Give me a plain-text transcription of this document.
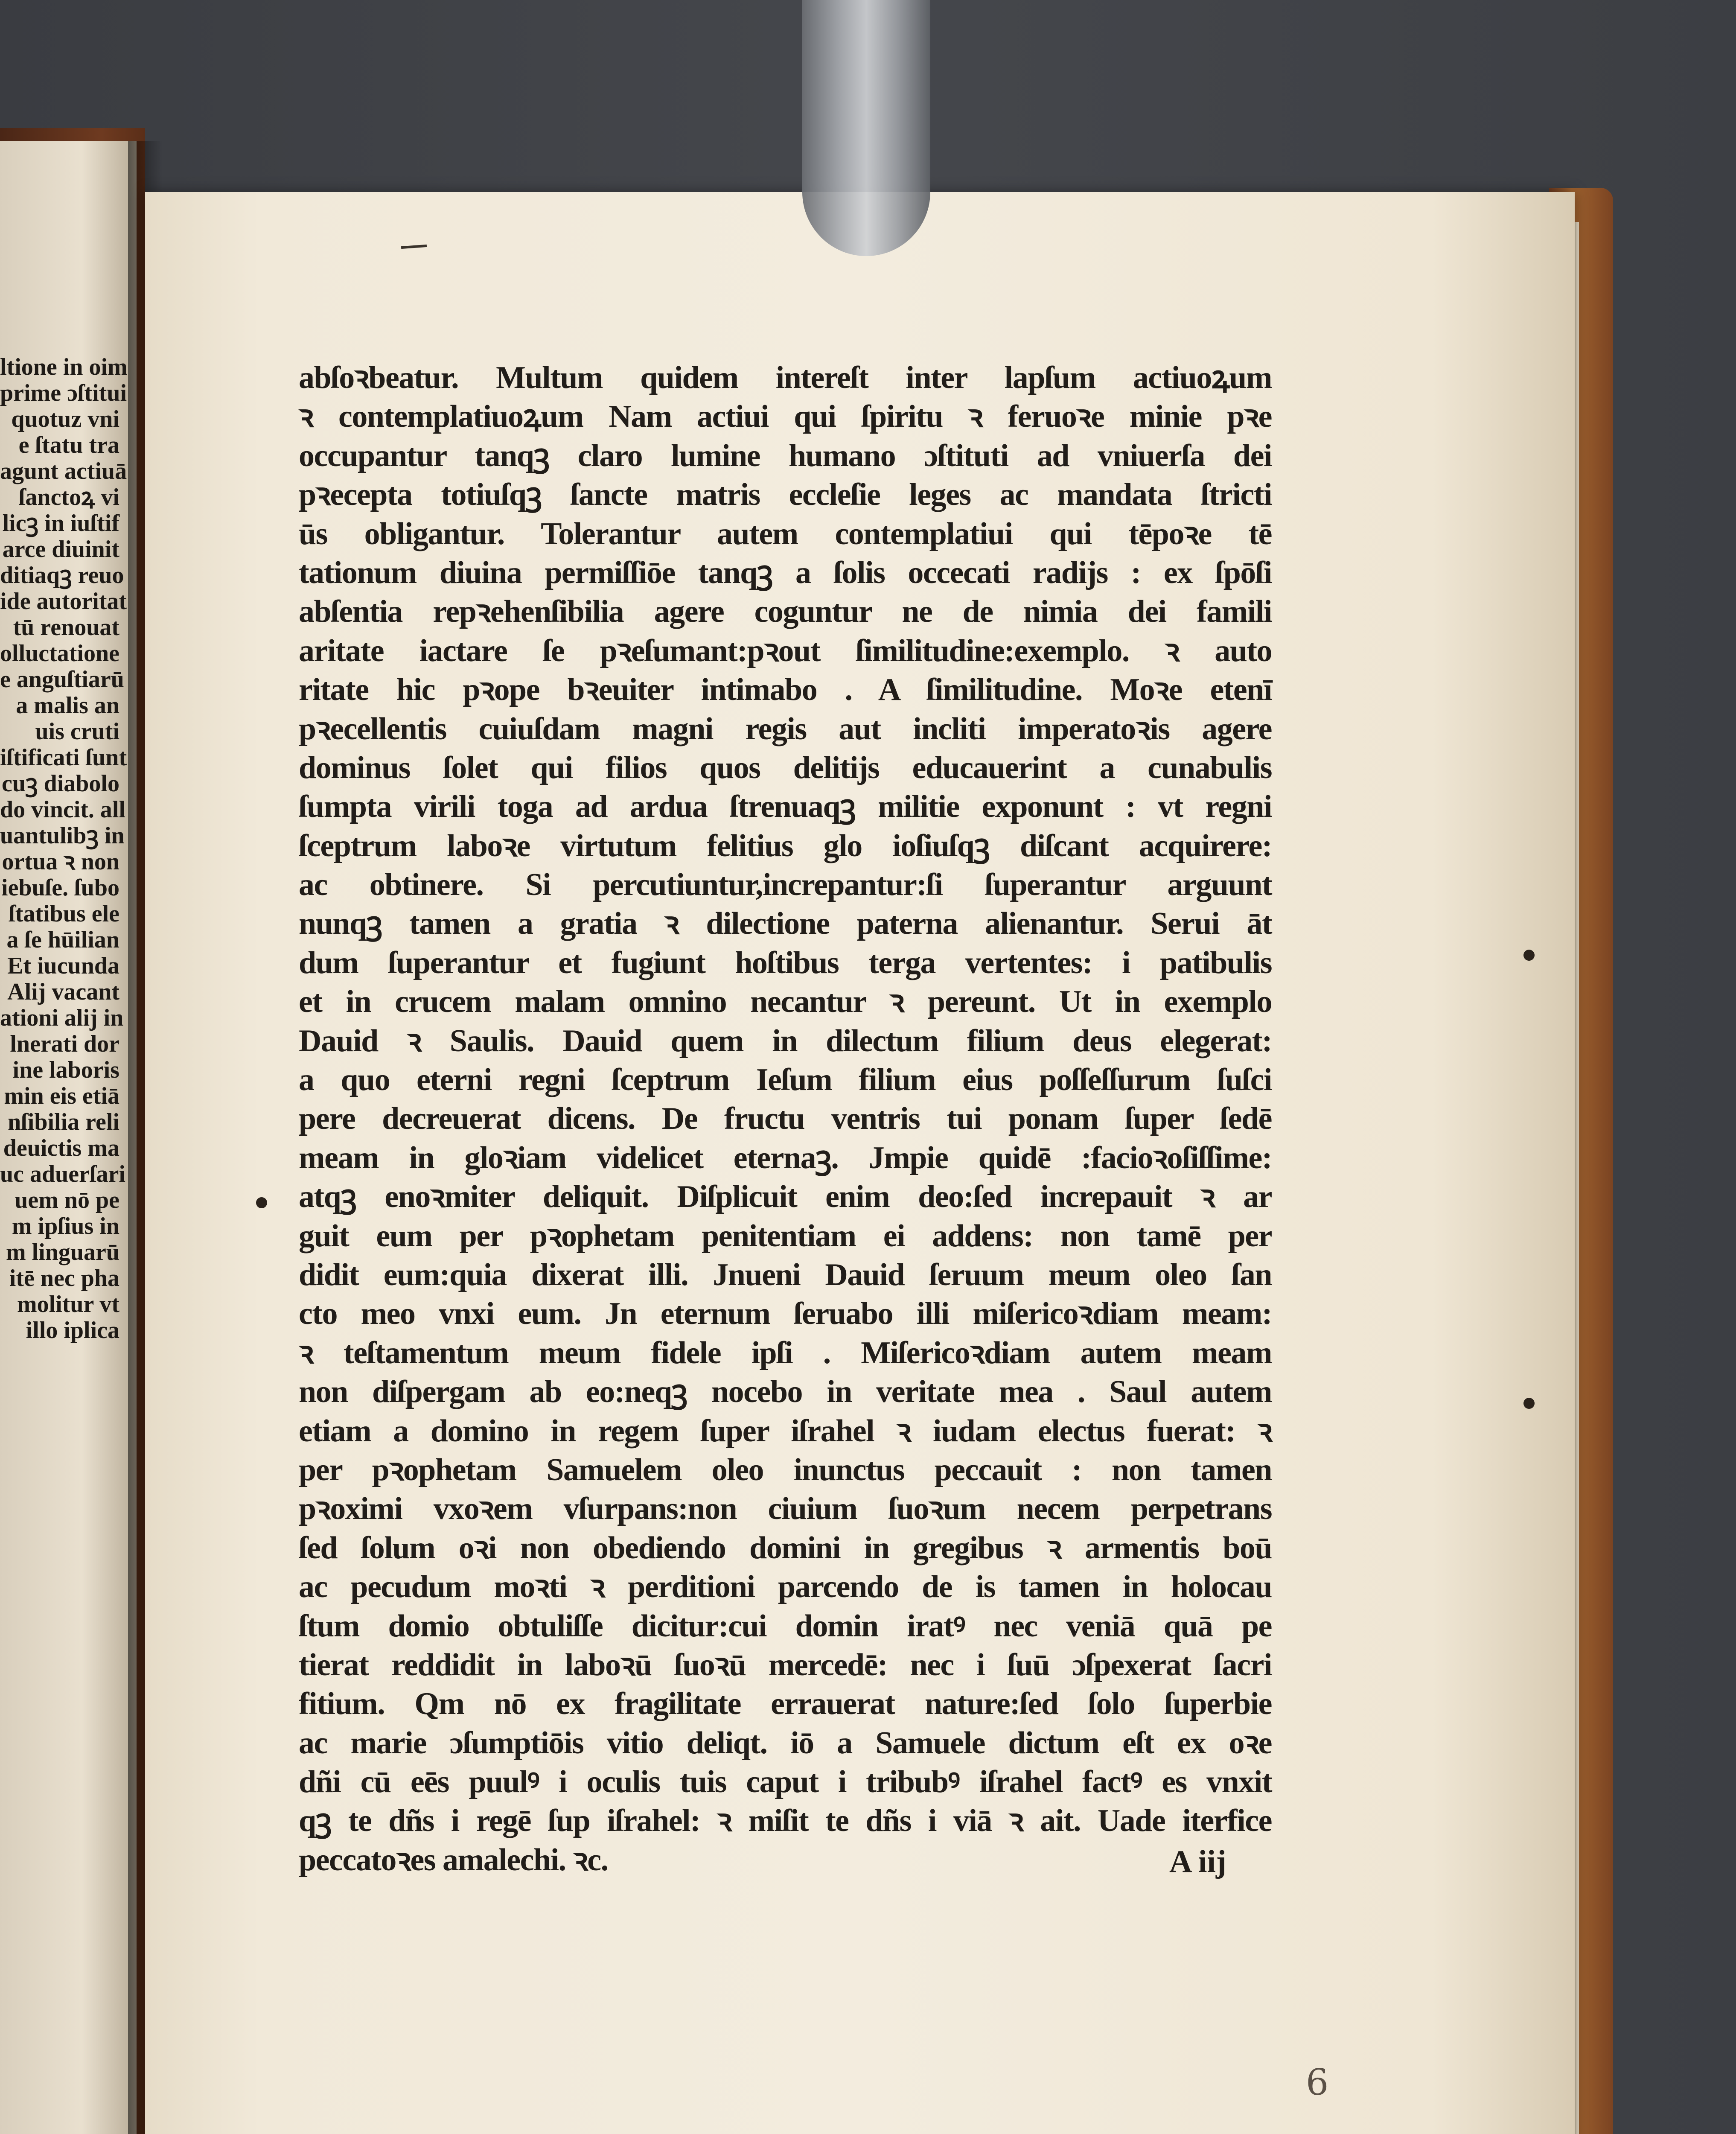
ltione in oim
prime ɔſtitui
quotuz vni
e ſtatu tra
agunt actiuā
ſanctoꝝ vi
licꝫ in iuſtif
arce diuinit
ditiaqꝫ reuo
ide autoritat
tū renouat
olluctatione
e anguſtiarū
a malis an
uis cruti
iſtificati ſunt
cuꝫ diabolo
do vincit. all
uantulibꝫ in
ortua ꝛ non
iebuſe. ſubo
ſtatibus ele
a ſe hūilian
Et iucunda
Alij vacant
ationi alij in
lnerati dor
ine laboris
min eis etiā
nſibilia reli
deuictis ma
uc aduerſari
uem nō pe
m ipſius in
m linguarū
itē nec pha
molitur vt
illo iplica
abſoꝛbeatur. Multum quidem intereſt inter lapſum actiuoꝝum
ꝛ contemplatiuoꝝum Nam actiui qui ſpiritu ꝛ feruoꝛe minie pꝛe
occupantur tanqꝫ claro lumine humano ɔſtituti ad vniuerſa dei
pꝛecepta totiuſqꝫ ſancte matris eccleſie leges ac mandata ſtricti
ūs obligantur. Tolerantur autem contemplatiui qui tēpoꝛe tē
tationum diuina permiſſiōe tanqꝫ a ſolis occecati radijs : ex ſpōſi
abſentia repꝛehenſibilia agere coguntur ne de nimia dei famili
aritate iactare ſe pꝛeſumant:pꝛout ſimilitudine:exemplo. ꝛ auto
ritate hic pꝛope bꝛeuiter intimabo . A ſimilitudine. Moꝛe etenī
pꝛecellentis cuiuſdam magni regis aut incliti imperatoꝛis agere
dominus ſolet qui filios quos delitijs educauerint a cunabulis
ſumpta virili toga ad ardua ſtrenuaqꝫ militie exponunt : vt regni
ſceptrum laboꝛe virtutum felitius glo ioſiuſqꝫ diſcant acquirere:
ac obtinere. Si percutiuntur,increpantur:ſi ſuperantur arguunt
nunqꝫ tamen a gratia ꝛ dilectione paterna alienantur. Serui āt
dum ſuperantur et fugiunt hoſtibus terga vertentes: i patibulis
et in crucem malam omnino necantur ꝛ pereunt. Ut in exemplo
Dauid ꝛ Saulis. Dauid quem in dilectum filium deus elegerat:
a quo eterni regni ſceptrum Ieſum filium eius poſſeſſurum ſuſci
pere decreuerat dicens. De fructu ventris tui ponam ſuper ſedē
meam in gloꝛiam videlicet eternaꝫ. Jmpie quidē :facioꝛoſiſſime:
atqꝫ enoꝛmiter deliquit. Diſplicuit enim deo:ſed increpauit ꝛ ar
guit eum per pꝛophetam penitentiam ei addens: non tamē per
didit eum:quia dixerat illi. Jnueni Dauid ſeruum meum oleo ſan
cto meo vnxi eum. Jn eternum ſeruabo illi miſericoꝛdiam meam:
ꝛ teſtamentum meum fidele ipſi . Miſericoꝛdiam autem meam
non diſpergam ab eo:neqꝫ nocebo in veritate mea . Saul autem
etiam a domino in regem ſuper iſrahel ꝛ iudam electus fuerat: ꝛ
per pꝛophetam Samuelem oleo inunctus peccauit : non tamen
pꝛoximi vxoꝛem vſurpans:non ciuium ſuoꝛum necem perpetrans
ſed ſolum oꝛi non obediendo domini in gregibus ꝛ armentis boū
ac pecudum moꝛti ꝛ perditioni parcendo de is tamen in holocau
ſtum domio obtuliſſe dicitur:cui domin iratꝰ nec veniā quā pe
tierat reddidit in laboꝛū ſuoꝛū mercedē: nec i ſuū ɔſpexerat ſacri
fitium. Qm nō ex fragilitate errauerat nature:ſed ſolo ſuperbie
ac marie ɔſumptiōis vitio deliqt. iō a Samuele dictum eſt ex oꝛe
dñi cū eēs puulꝰ i oculis tuis caput i tribubꝰ iſrahel factꝰ es vnxit
qꝫ te dñs i regē ſup iſrahel: ꝛ miſit te dñs i viā ꝛ ait. Uade iterfice
peccatoꝛes amalechi. ꝛc.	A iij
6
